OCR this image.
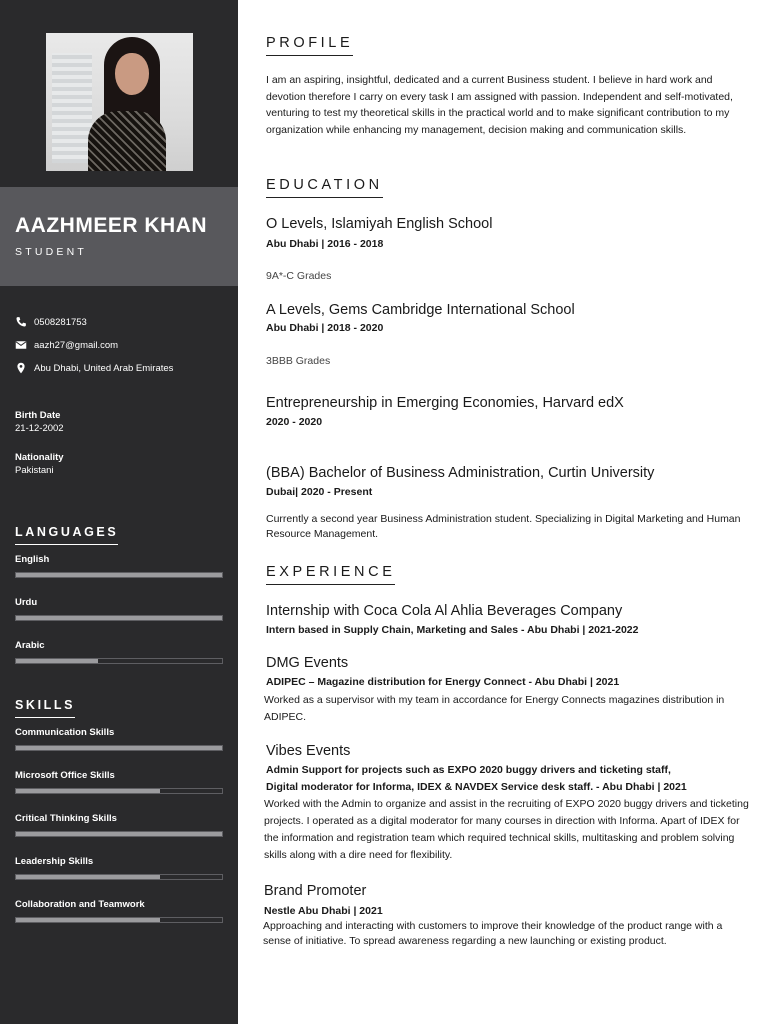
AAZHMEER KHAN
STUDENT
0508281753
aazh27@gmail.com
Abu Dhabi, United Arab Emirates
Birth Date
21-12-2002
Nationality
Pakistani
LANGUAGES
English
Urdu
Arabic
SKILLS
Communication Skills
Microsoft Office Skills
Critical Thinking Skills
Leadership Skills
Collaboration and Teamwork
PROFILE
I am an aspiring, insightful, dedicated and a current Business student. I believe in hard work and devotion therefore I carry on every task I am assigned with passion. Independent and self-motivated, venturing to test my theoretical skills in the practical world and to make significant contribution to my organization while enhancing my management, decision making and communication skills.
EDUCATION
O Levels, Islamiyah English School
Abu Dhabi | 2016 - 2018
9A*-C Grades
A Levels, Gems Cambridge International School
Abu Dhabi | 2018 - 2020
3BBB Grades
Entrepreneurship in Emerging Economies, Harvard edX
2020 - 2020
(BBA) Bachelor of Business Administration, Curtin University
Dubai| 2020 - Present
Currently a second year Business Administration student. Specializing in Digital Marketing and Human Resource Management.
EXPERIENCE
Internship with Coca Cola Al Ahlia Beverages Company
Intern based in Supply Chain, Marketing and Sales - Abu Dhabi | 2021-2022
DMG Events
ADIPEC – Magazine distribution for Energy Connect - Abu Dhabi | 2021
Worked as a supervisor with my team in accordance for Energy Connects magazines distribution in ADIPEC.
Vibes Events
Admin Support for projects such as EXPO 2020 buggy drivers and ticketing staff,
Digital moderator for Informa, IDEX & NAVDEX Service desk staff. - Abu Dhabi | 2021
Worked with the Admin to organize and assist in the recruiting of EXPO 2020 buggy drivers and ticketing projects. I operated as a digital moderator for many courses in direction with Informa. Apart of IDEX for the information and registration team which required technical skills, multitasking and problem solving skills along with a dire need for flexibility.
Brand Promoter
Nestle Abu Dhabi | 2021
Approaching and interacting with customers to improve their knowledge of the product range with a sense of initiative. To spread awareness regarding a new launching or existing product.
